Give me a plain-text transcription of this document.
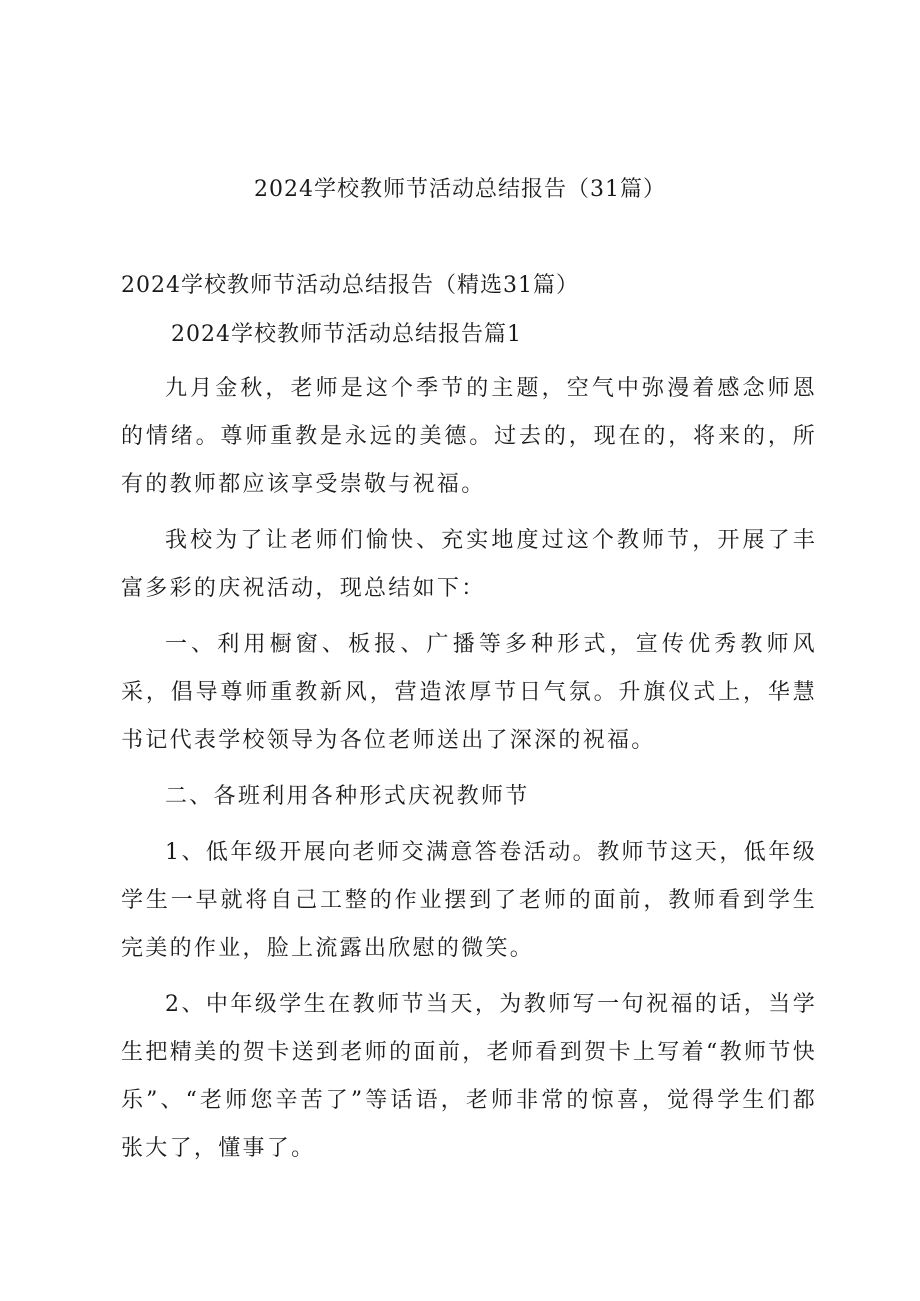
2024学校教师节活动总结报告（31篇）

2024学校教师节活动总结报告（精选31篇）

2024学校教师节活动总结报告篇1

九月金秋，老师是这个季节的主题，空气中弥漫着感念师恩的情绪。尊师重教是永远的美德。过去的，现在的，将来的，所有的教师都应该享受崇敬与祝福。

我校为了让老师们愉快、充实地度过这个教师节，开展了丰富多彩的庆祝活动，现总结如下：

一、利用橱窗、板报、广播等多种形式，宣传优秀教师风采，倡导尊师重教新风，营造浓厚节日气氛。升旗仪式上，华慧书记代表学校领导为各位老师送出了深深的祝福。

二、各班利用各种形式庆祝教师节

1、低年级开展向老师交满意答卷活动。教师节这天，低年级学生一早就将自己工整的作业摆到了老师的面前，教师看到学生完美的作业，脸上流露出欣慰的微笑。

2、中年级学生在教师节当天，为教师写一句祝福的话，当学生把精美的贺卡送到老师的面前，老师看到贺卡上写着“教师节快乐”、“老师您辛苦了”等话语，老师非常的惊喜，觉得学生们都张大了，懂事了。
